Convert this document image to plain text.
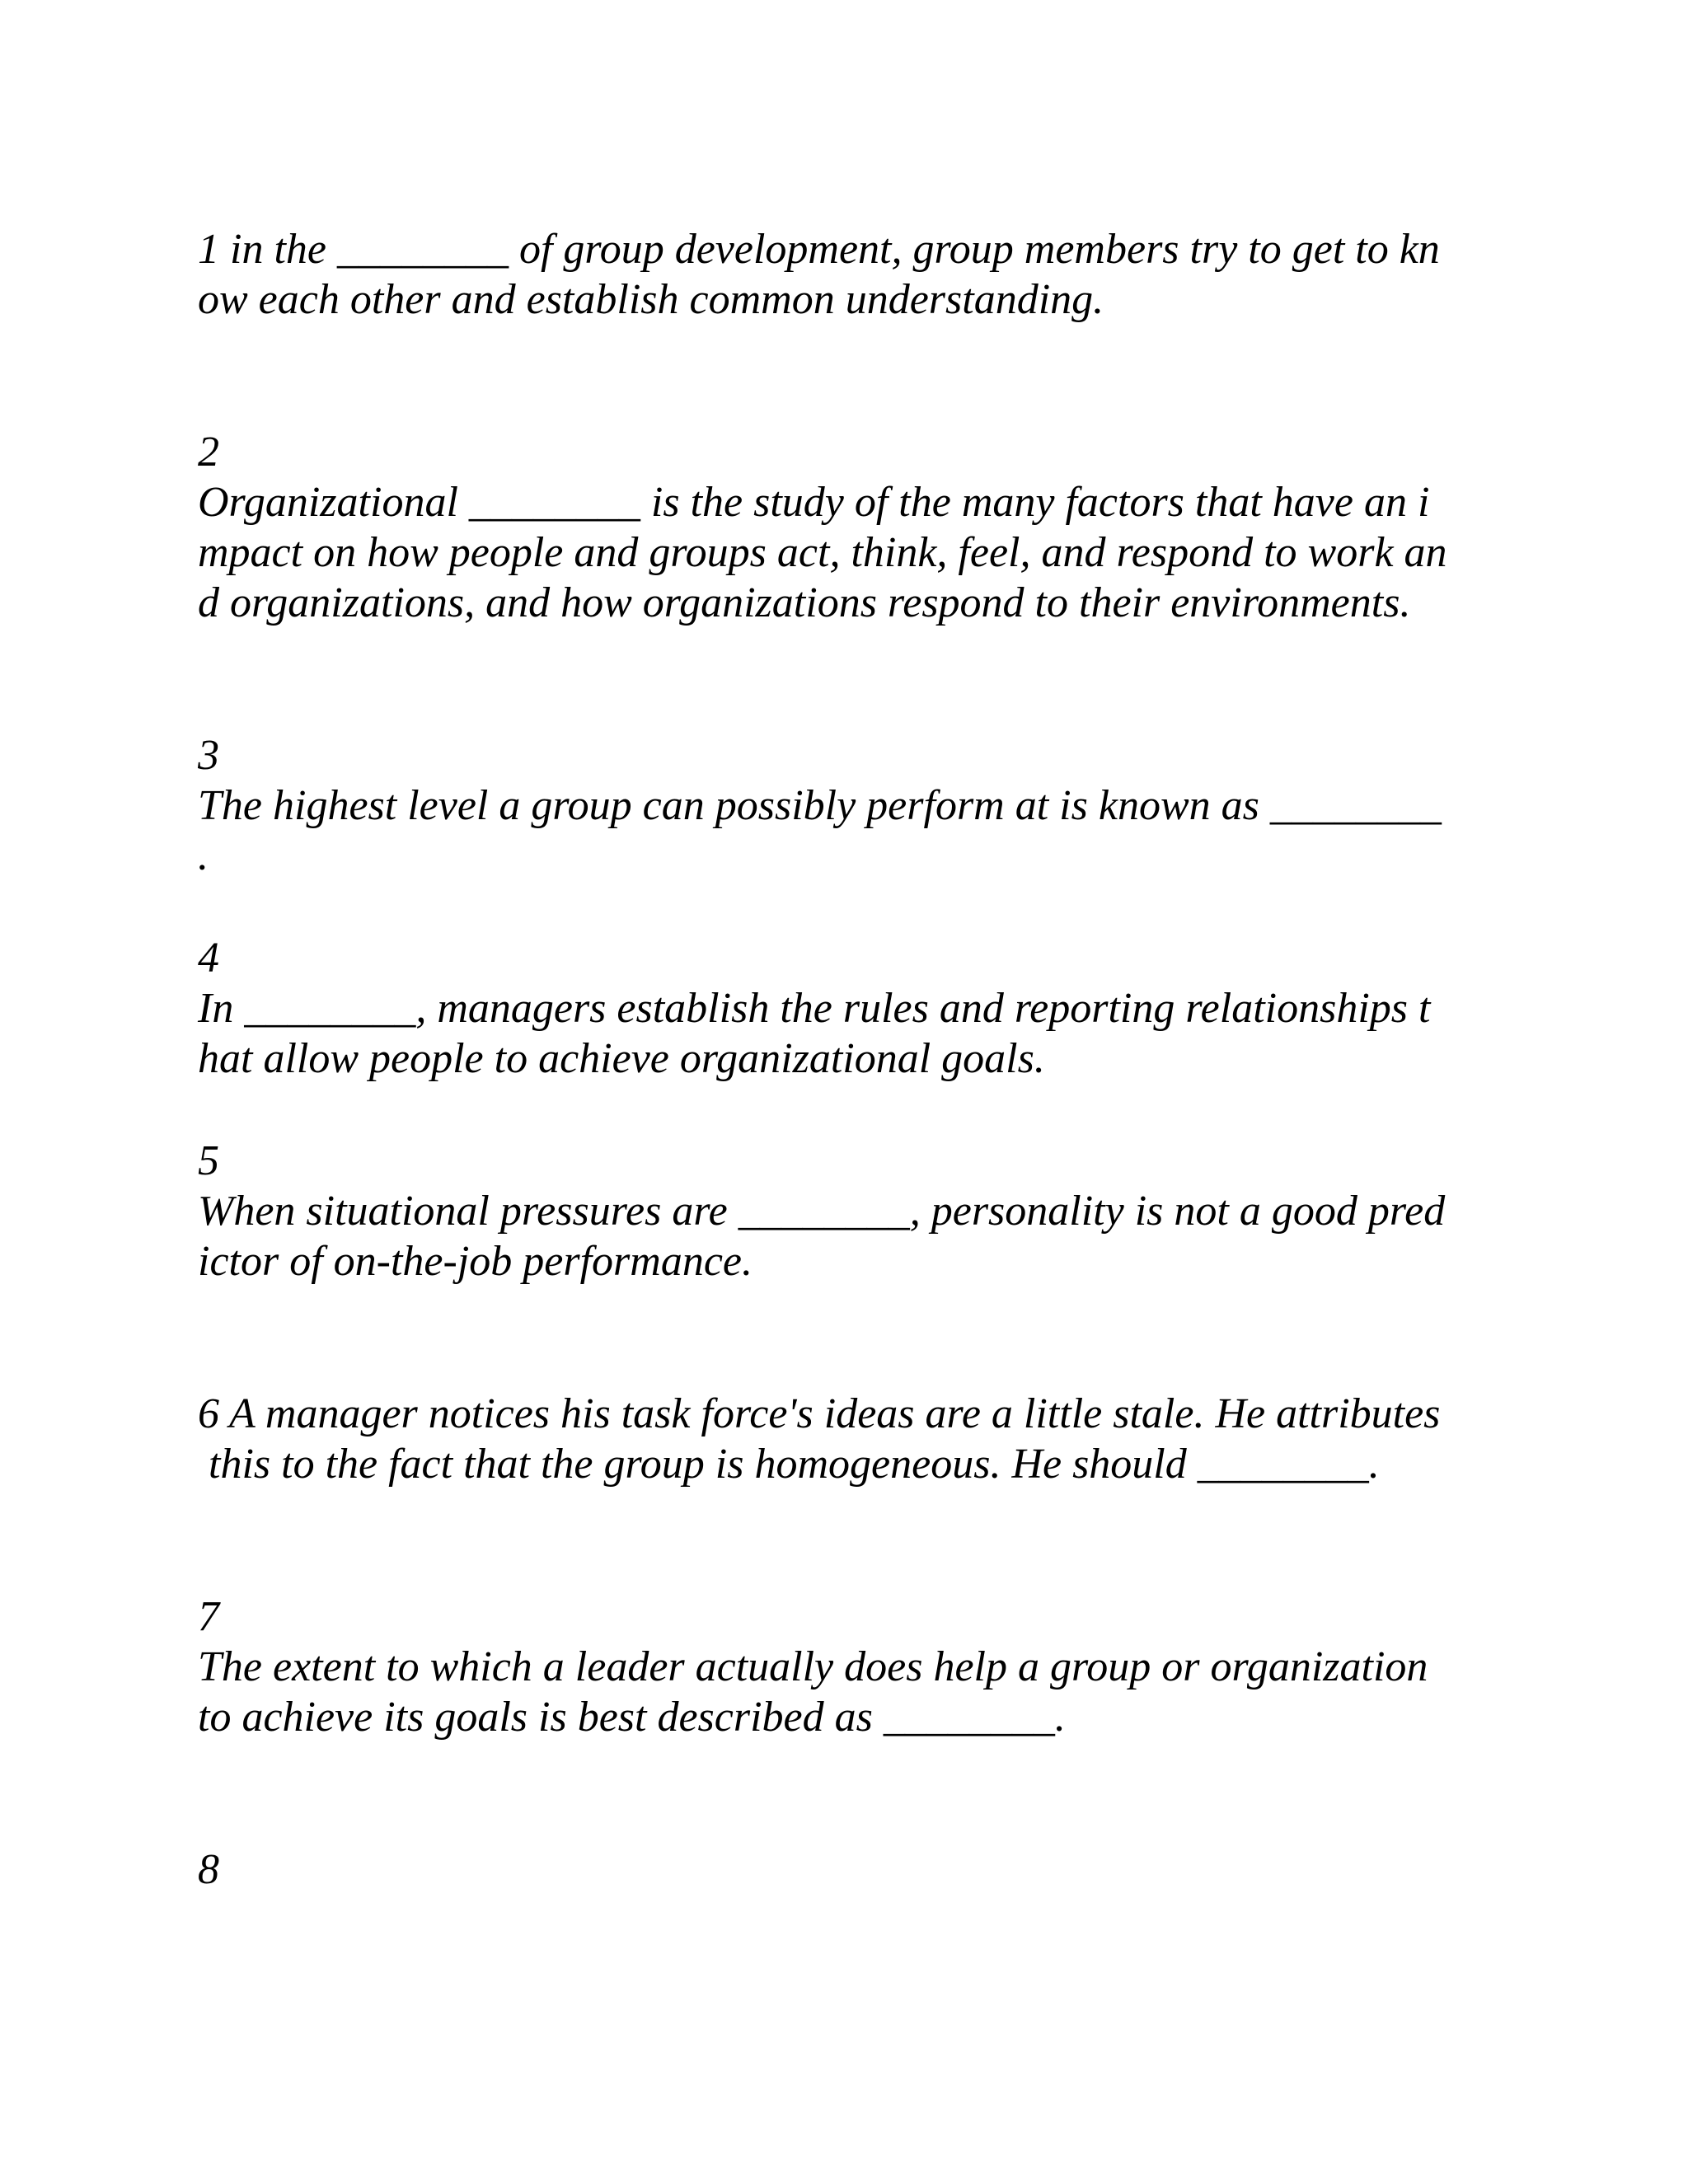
1 in the ________ of group development, group members try to get to kn

ow each other and establish common understanding.

2

Organizational ________ is the study of the many factors that have an i

mpact on how people and groups act, think, feel, and respond to work an

d organizations, and how organizations respond to their environments.

3

The highest level a group can possibly perform at is known as ________

.

4

In ________, managers establish the rules and reporting relationships t

hat allow people to achieve organizational goals.

5

When situational pressures are ________, personality is not a good pred

ictor of on-the-job performance.

6 A manager notices his task force's ideas are a little stale. He attributes

this to the fact that the group is homogeneous. He should ________.

7

The extent to which a leader actually does help a group or organization

to achieve its goals is best described as ________.

8
